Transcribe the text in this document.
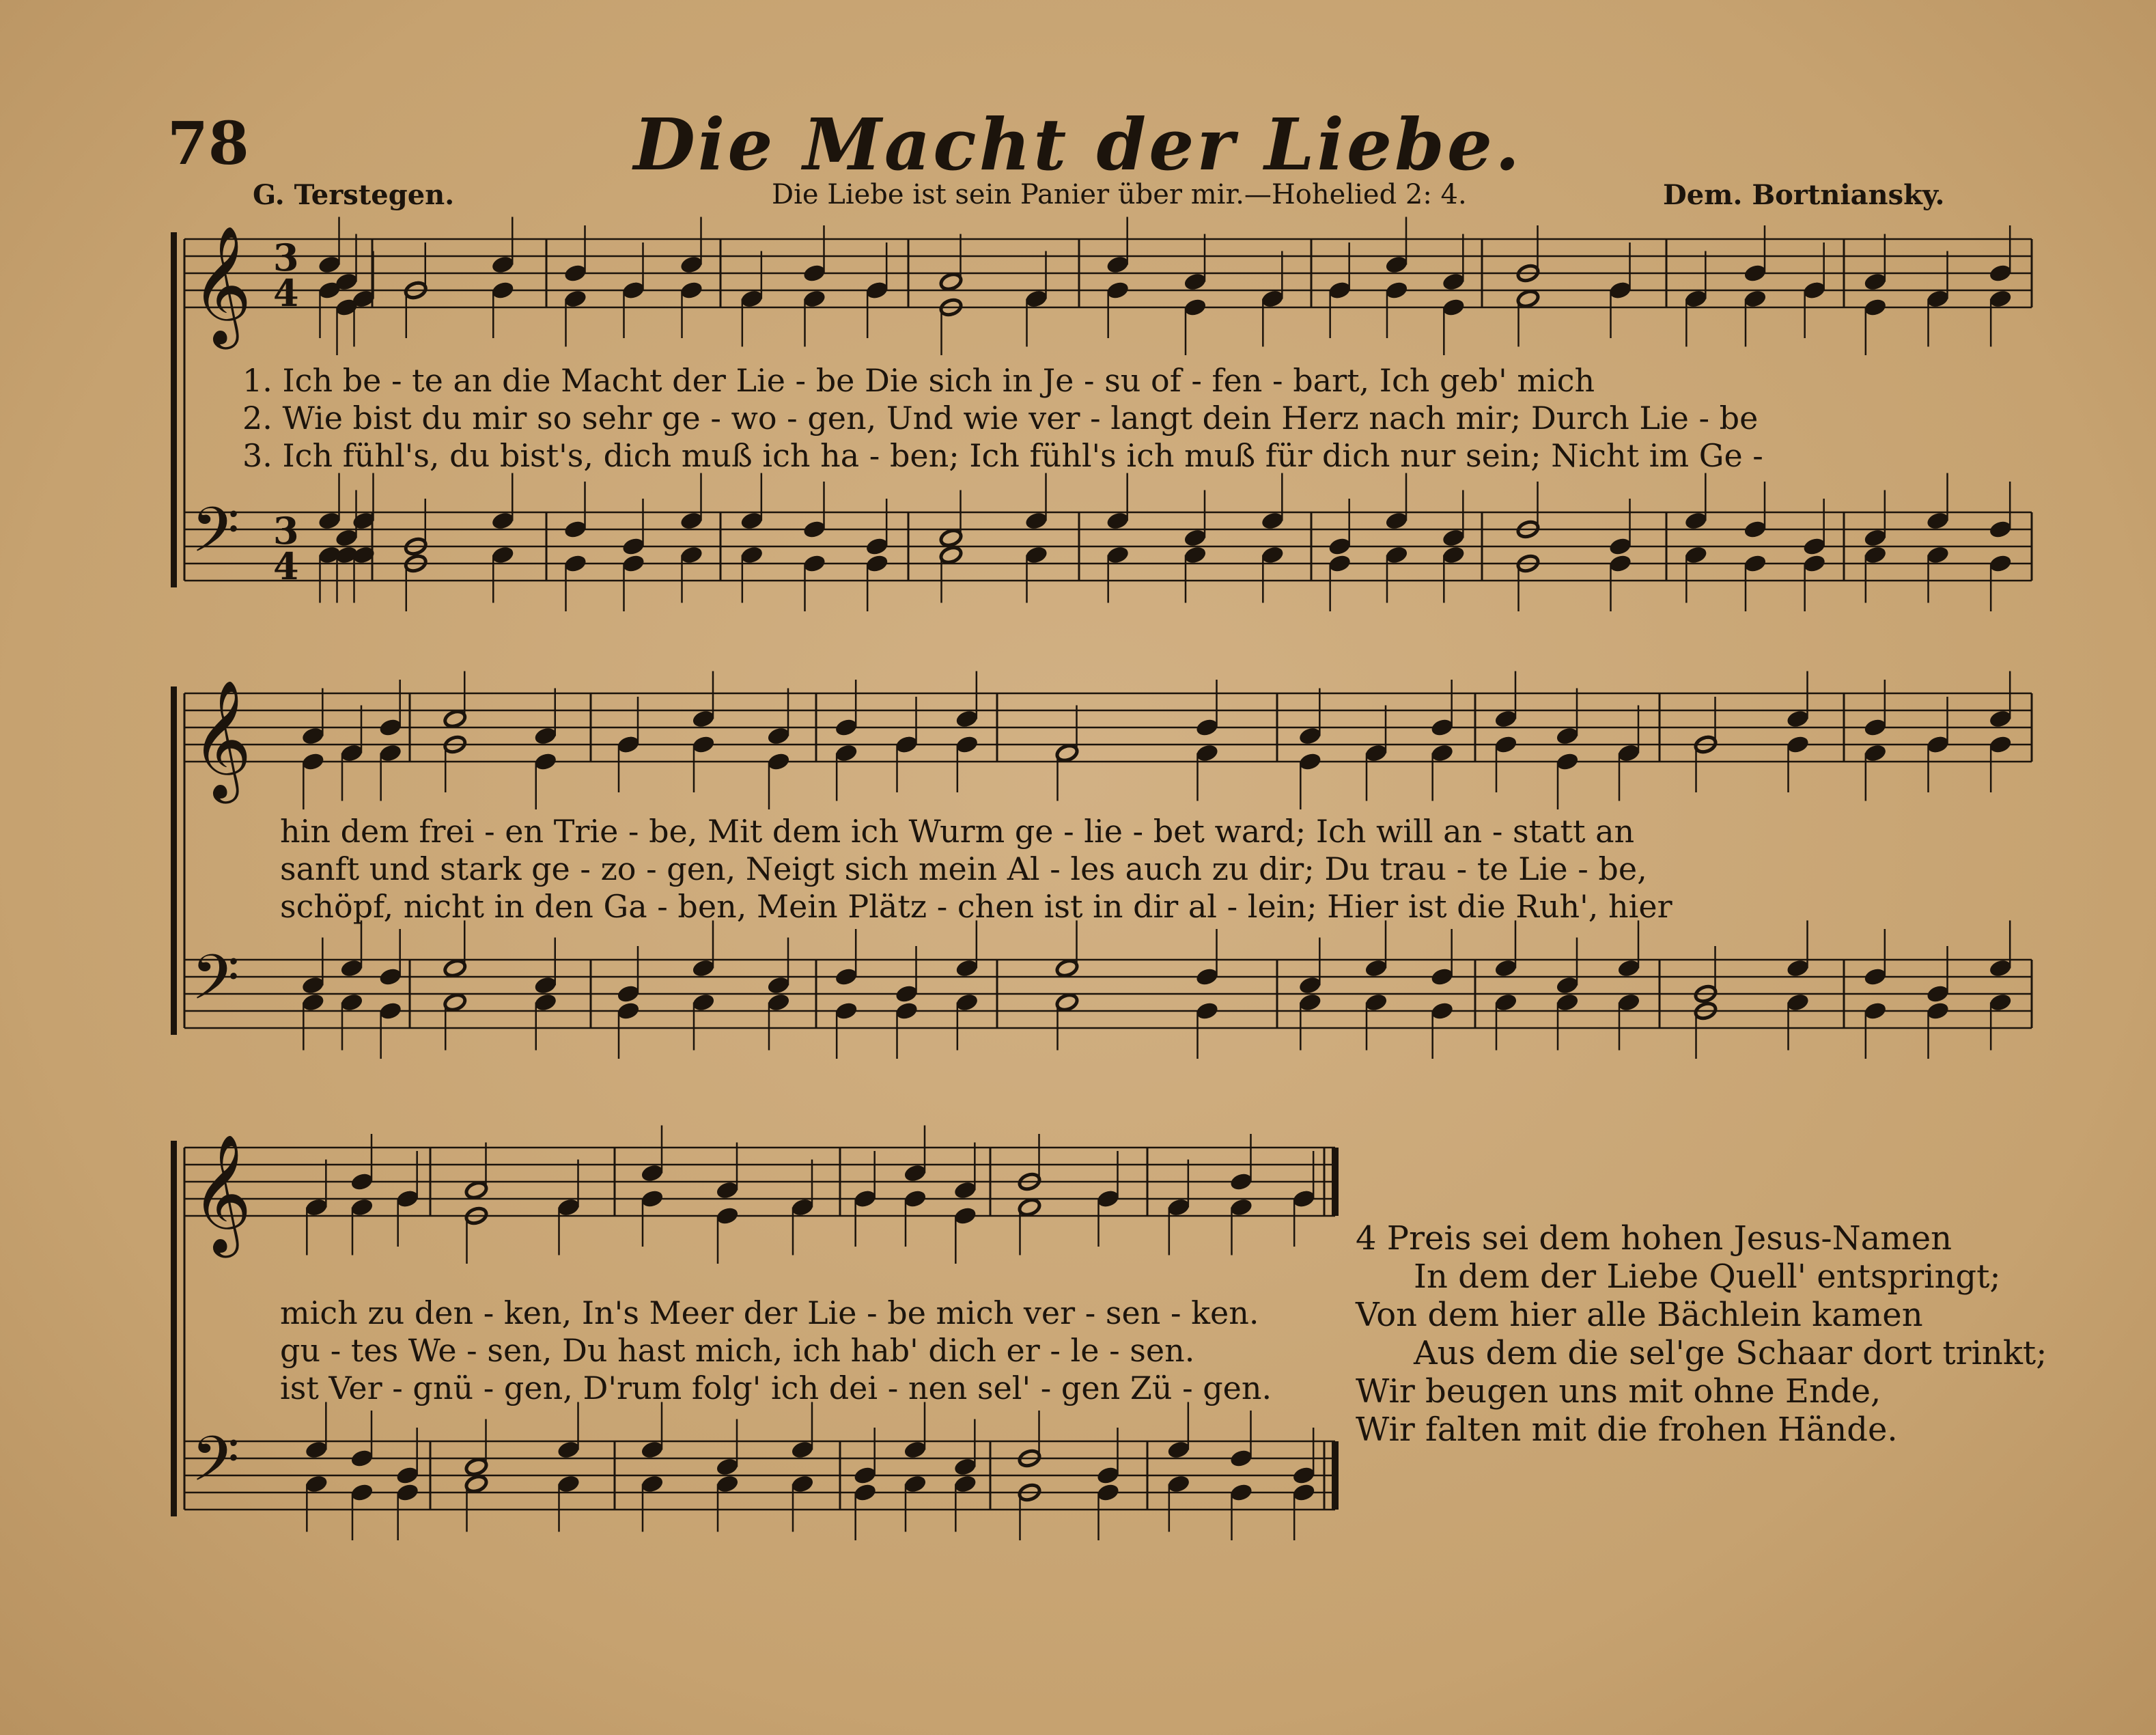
78	Die Macht der Liebe.
G. Terstegen.	Die Liebe ist sein Panier über mir.—Hohelied 2: 4.	Dem. Bortniansky.
𝄞 3
4
𝄢 3
4
𝄞
𝄢
𝄞
𝄢
1. Ich be - te an die Macht der Lie - be Die sich in Je - su of - fen - bart, Ich geb' mich
2. Wie bist du mir so sehr ge - wo - gen, Und wie ver - langt dein Herz nach mir; Durch Lie - be
3. Ich fühl's, du bist's, dich muß ich ha - ben; Ich fühl's ich muß für dich nur sein; Nicht im Ge -
hin dem frei - en Trie - be, Mit dem ich Wurm ge - lie - bet ward; Ich will an - statt an
sanft und stark ge - zo - gen, Neigt sich mein Al - les auch zu dir; Du trau - te Lie - be,
schöpf, nicht in den Ga - ben, Mein Plätz - chen ist in dir al - lein; Hier ist die Ruh', hier
mich zu den - ken, In's Meer der Lie - be mich ver - sen - ken.
gu - tes We - sen, Du hast mich, ich hab' dich er - le - sen.
ist Ver - gnü - gen, D'rum folg' ich dei - nen sel' - gen Zü - gen.
4 Preis sei dem hohen Jesus-Namen
In dem der Liebe Quell' entspringt;
Von dem hier alle Bächlein kamen
Aus dem die sel'ge Schaar dort trinkt;
Wir beugen uns mit ohne Ende,
Wir falten mit die frohen Hände.
